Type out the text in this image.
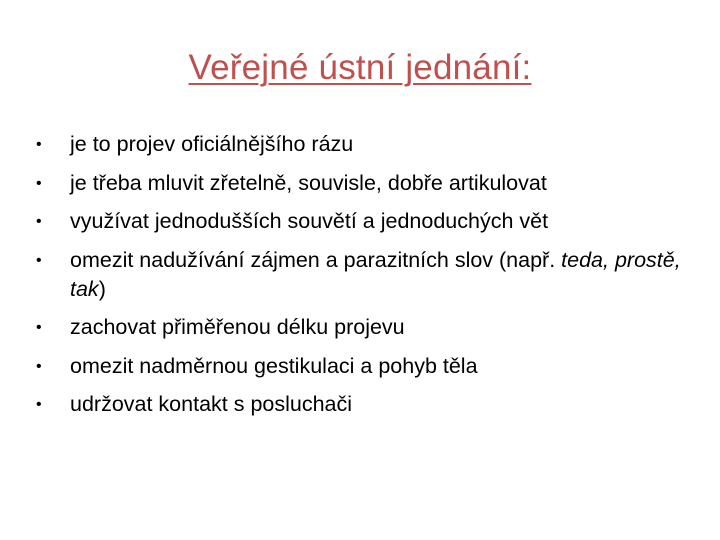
Veřejné ústní jednání:
•	je to projev oficiálnějšího rázu
•	je třeba mluvit zřetelně, souvisle, dobře artikulovat
•	využívat jednodušších souvětí a jednoduchých vět
•	omezit nadužívání zájmen a parazitních slov (např. teda, prostě, tak)
•	zachovat přiměřenou délku projevu
•	omezit nadměrnou gestikulaci a pohyb těla
•	udržovat kontakt s posluchači
